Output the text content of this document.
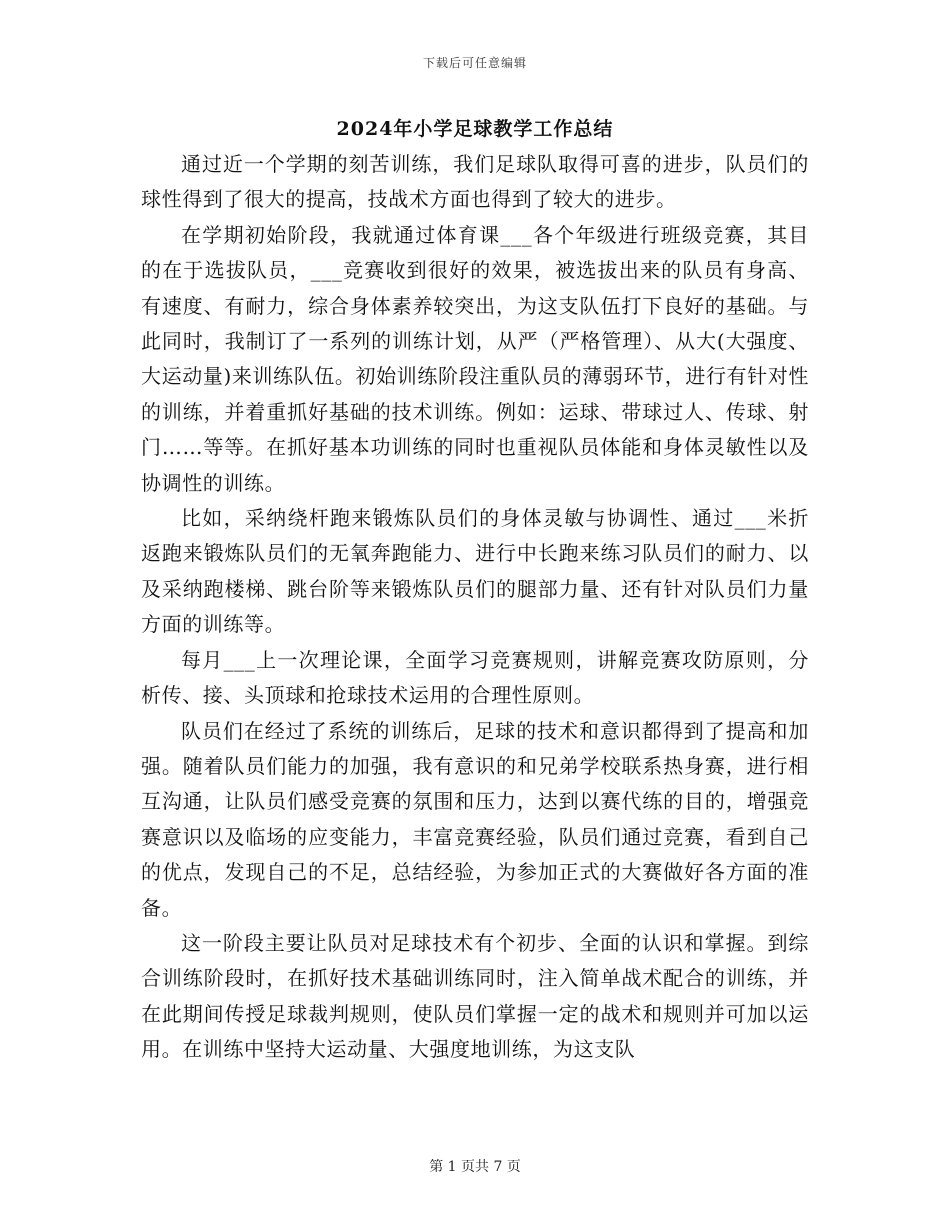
下载后可任意编辑
2024年小学足球教学工作总结

通过近一个学期的刻苦训练，我们足球队取得可喜的进步，队员们的球性得到了很大的提高，技战术方面也得到了较大的进步。

在学期初始阶段，我就通过体育课___各个年级进行班级竞赛，其目的在于选拔队员，___竞赛收到很好的效果，被选拔出来的队员有身高、有速度、有耐力，综合身体素养较突出，为这支队伍打下良好的基础。与此同时，我制订了一系列的训练计划，从严（严格管理）、从大(大强度、大运动量)来训练队伍。初始训练阶段注重队员的薄弱环节，进行有针对性的训练，并着重抓好基础的技术训练。例如：运球、带球过人、传球、射门……等等。在抓好基本功训练的同时也重视队员体能和身体灵敏性以及协调性的训练。

比如，采纳绕杆跑来锻炼队员们的身体灵敏与协调性、通过___米折返跑来锻炼队员们的无氧奔跑能力、进行中长跑来练习队员们的耐力、以及采纳跑楼梯、跳台阶等来锻炼队员们的腿部力量、还有针对队员们力量方面的训练等。

每月___上一次理论课，全面学习竞赛规则，讲解竞赛攻防原则，分析传、接、头顶球和抢球技术运用的合理性原则。

队员们在经过了系统的训练后，足球的技术和意识都得到了提高和加强。随着队员们能力的加强，我有意识的和兄弟学校联系热身赛，进行相互沟通，让队员们感受竞赛的氛围和压力，达到以赛代练的目的，增强竞赛意识以及临场的应变能力，丰富竞赛经验，队员们通过竞赛，看到自己的优点，发现自己的不足，总结经验，为参加正式的大赛做好各方面的准备。

这一阶段主要让队员对足球技术有个初步、全面的认识和掌握。到综合训练阶段时，在抓好技术基础训练同时，注入简单战术配合的训练，并在此期间传授足球裁判规则，使队员们掌握一定的战术和规则并可加以运用。在训练中坚持大运动量、大强度地训练，为这支队

第 1 页共 7 页
